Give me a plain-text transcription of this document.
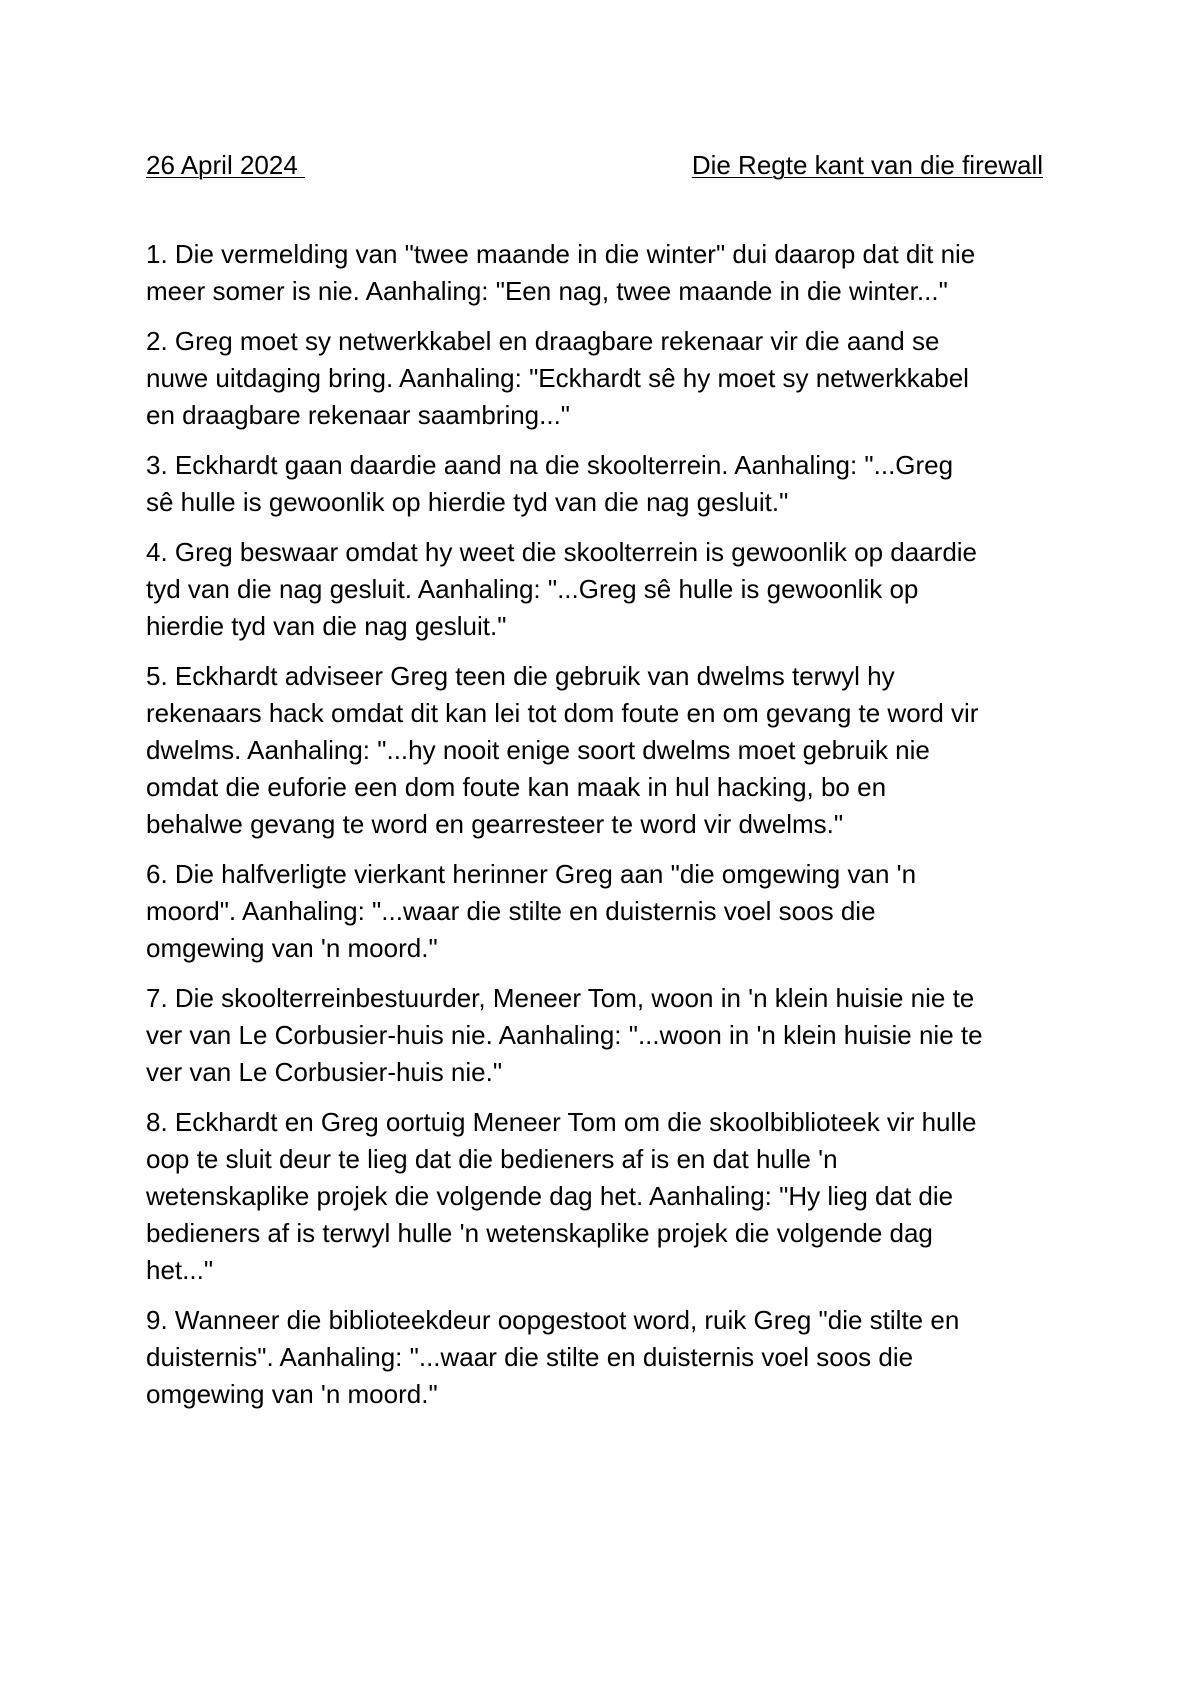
26 April 2024	Die Regte kant van die firewall

1. Die vermelding van "twee maande in die winter" dui daarop dat dit nie
meer somer is nie. Aanhaling: "Een nag, twee maande in die winter..."

2. Greg moet sy netwerkkabel en draagbare rekenaar vir die aand se
nuwe uitdaging bring. Aanhaling: "Eckhardt sê hy moet sy netwerkkabel
en draagbare rekenaar saambring..."

3. Eckhardt gaan daardie aand na die skoolterrein. Aanhaling: "...Greg
sê hulle is gewoonlik op hierdie tyd van die nag gesluit."

4. Greg beswaar omdat hy weet die skoolterrein is gewoonlik op daardie
tyd van die nag gesluit. Aanhaling: "...Greg sê hulle is gewoonlik op
hierdie tyd van die nag gesluit."

5. Eckhardt adviseer Greg teen die gebruik van dwelms terwyl hy
rekenaars hack omdat dit kan lei tot dom foute en om gevang te word vir
dwelms. Aanhaling: "...hy nooit enige soort dwelms moet gebruik nie
omdat die euforie een dom foute kan maak in hul hacking, bo en
behalwe gevang te word en gearresteer te word vir dwelms."

6. Die halfverligte vierkant herinner Greg aan "die omgewing van 'n
moord". Aanhaling: "...waar die stilte en duisternis voel soos die
omgewing van 'n moord."

7. Die skoolterreinbestuurder, Meneer Tom, woon in 'n klein huisie nie te
ver van Le Corbusier-huis nie. Aanhaling: "...woon in 'n klein huisie nie te
ver van Le Corbusier-huis nie."

8. Eckhardt en Greg oortuig Meneer Tom om die skoolbiblioteek vir hulle
oop te sluit deur te lieg dat die bedieners af is en dat hulle 'n
wetenskaplike projek die volgende dag het. Aanhaling: "Hy lieg dat die
bedieners af is terwyl hulle 'n wetenskaplike projek die volgende dag
het..."

9. Wanneer die biblioteekdeur oopgestoot word, ruik Greg "die stilte en
duisternis". Aanhaling: "...waar die stilte en duisternis voel soos die
omgewing van 'n moord."
